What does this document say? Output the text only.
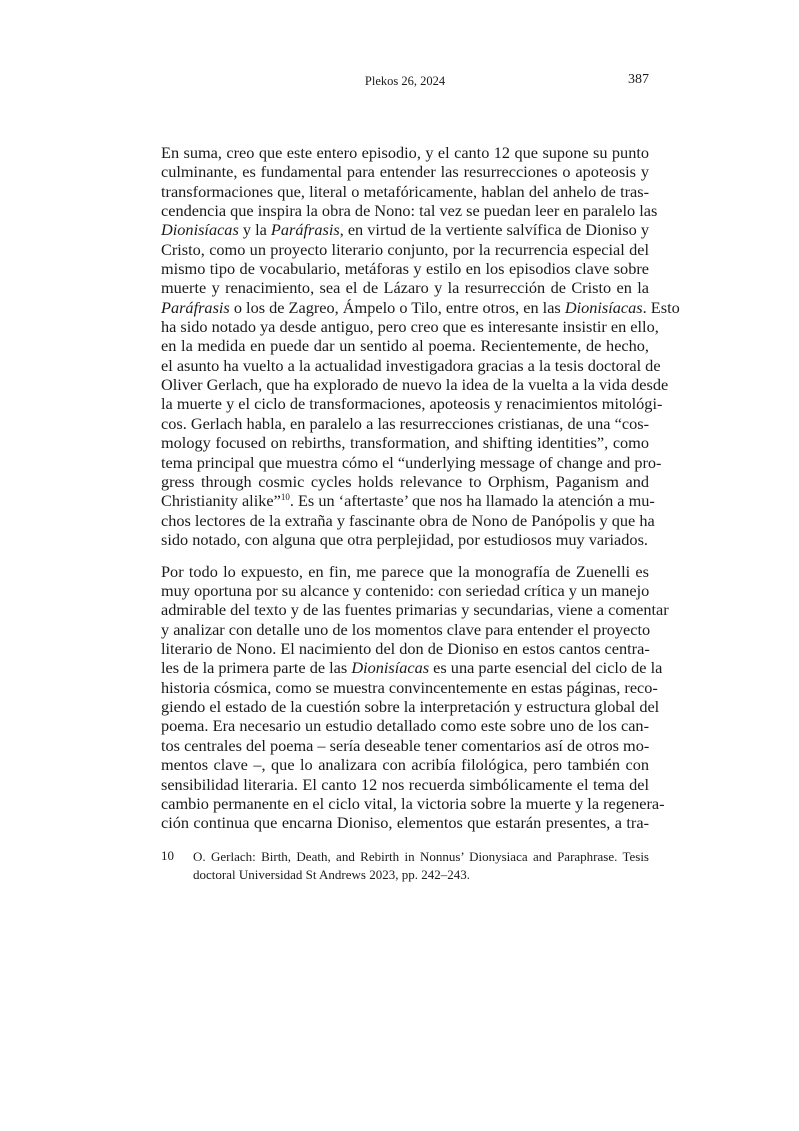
Plekos 26, 2024	387
En suma, creo que este entero episodio, y el canto 12 que supone su punto
culminante, es fundamental para entender las resurrecciones o apoteosis y
transformaciones que, literal o metafóricamente, hablan del anhelo de tras-
cendencia que inspira la obra de Nono: tal vez se puedan leer en paralelo las
Dionisíacas y la Paráfrasis, en virtud de la vertiente salvífica de Dioniso y
Cristo, como un proyecto literario conjunto, por la recurrencia especial del
mismo tipo de vocabulario, metáforas y estilo en los episodios clave sobre
muerte y renacimiento, sea el de Lázaro y la resurrección de Cristo en la
Paráfrasis o los de Zagreo, Ámpelo o Tilo, entre otros, en las Dionisíacas. Esto
ha sido notado ya desde antiguo, pero creo que es interesante insistir en ello,
en la medida en puede dar un sentido al poema. Recientemente, de hecho,
el asunto ha vuelto a la actualidad investigadora gracias a la tesis doctoral de
Oliver Gerlach, que ha explorado de nuevo la idea de la vuelta a la vida desde
la muerte y el ciclo de transformaciones, apoteosis y renacimientos mitológi-
cos. Gerlach habla, en paralelo a las resurrecciones cristianas, de una “cos-
mology focused on rebirths, transformation, and shifting identities”, como
tema principal que muestra cómo el “underlying message of change and pro-
gress through cosmic cycles holds relevance to Orphism, Paganism and
Christianity alike”$^{10}$. Es un ‘aftertaste’ que nos ha llamado la atención a mu-
chos lectores de la extraña y fascinante obra de Nono de Panópolis y que ha
sido notado, con alguna que otra perplejidad, por estudiosos muy variados.
Por todo lo expuesto, en fin, me parece que la monografía de Zuenelli es
muy oportuna por su alcance y contenido: con seriedad crítica y un manejo
admirable del texto y de las fuentes primarias y secundarias, viene a comentar
y analizar con detalle uno de los momentos clave para entender el proyecto
literario de Nono. El nacimiento del don de Dioniso en estos cantos centra-
les de la primera parte de las Dionisíacas es una parte esencial del ciclo de la
historia cósmica, como se muestra convincentemente en estas páginas, reco-
giendo el estado de la cuestión sobre la interpretación y estructura global del
poema. Era necesario un estudio detallado como este sobre uno de los can-
tos centrales del poema – sería deseable tener comentarios así de otros mo-
mentos clave –, que lo analizara con acribía filológica, pero también con
sensibilidad literaria. El canto 12 nos recuerda simbólicamente el tema del
cambio permanente en el ciclo vital, la victoria sobre la muerte y la regenera-
ción continua que encarna Dioniso, elementos que estarán presentes, a tra-
10 O. Gerlach: Birth, Death, and Rebirth in Nonnus’ Dionysiaca and Paraphrase. Tesis
doctoral Universidad St Andrews 2023, pp. 242–243.
